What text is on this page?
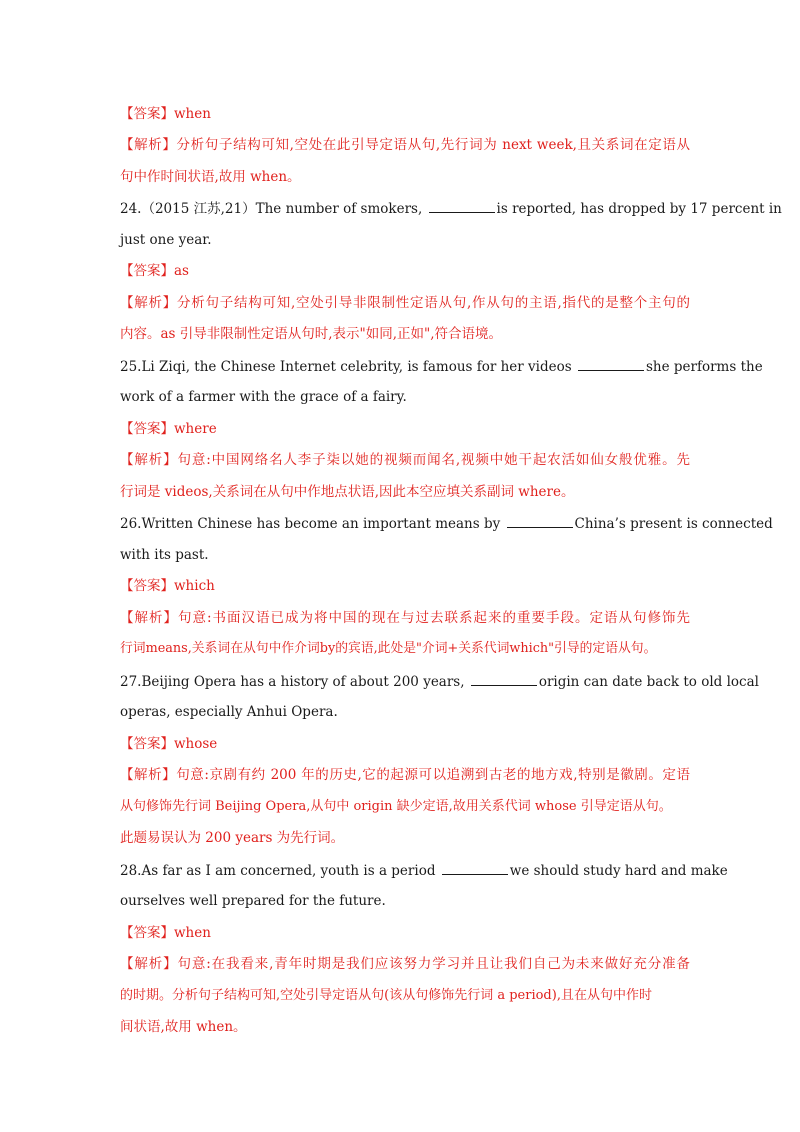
【答案】when
【解析】分析句子结构可知,空处在此引导定语从句,先行词为 next week,且关系词在定语从
句中作时间状语,故用 when。
24.（2015 江苏,21）The number of smokers,	is reported, has dropped by 17 percent in
just one year.
【答案】as
【解析】分析句子结构可知,空处引导非限制性定语从句,作从句的主语,指代的是整个主句的
内容。as 引导非限制性定语从句时,表示"如同,正如",符合语境。
25.Li Ziqi, the Chinese Internet celebrity, is famous for her videos	she performs the
work of a farmer with the grace of a fairy.
【答案】where
【解析】句意:中国网络名人李子柒以她的视频而闻名,视频中她干起农活如仙女般优雅。先
行词是 videos,关系词在从句中作地点状语,因此本空应填关系副词 where。
26.Written Chinese has become an important means by	China’s present is connected
with its past.
【答案】which
【解析】句意:书面汉语已成为将中国的现在与过去联系起来的重要手段。定语从句修饰先
行词means,关系词在从句中作介词by的宾语,此处是"介词+关系代词which"引导的定语从句。
27.Beijing Opera has a history of about 200 years,	origin can date back to old local
operas, especially Anhui Opera.
【答案】whose
【解析】句意:京剧有约 200 年的历史,它的起源可以追溯到古老的地方戏,特别是徽剧。定语
从句修饰先行词 Beijing Opera,从句中 origin 缺少定语,故用关系代词 whose 引导定语从句。
此题易误认为 200 years 为先行词。
28.As far as I am concerned, youth is a period	we should study hard and make
ourselves well prepared for the future.
【答案】when
【解析】句意:在我看来,青年时期是我们应该努力学习并且让我们自己为未来做好充分准备
的时期。分析句子结构可知,空处引导定语从句(该从句修饰先行词 a period),且在从句中作时
间状语,故用 when。
